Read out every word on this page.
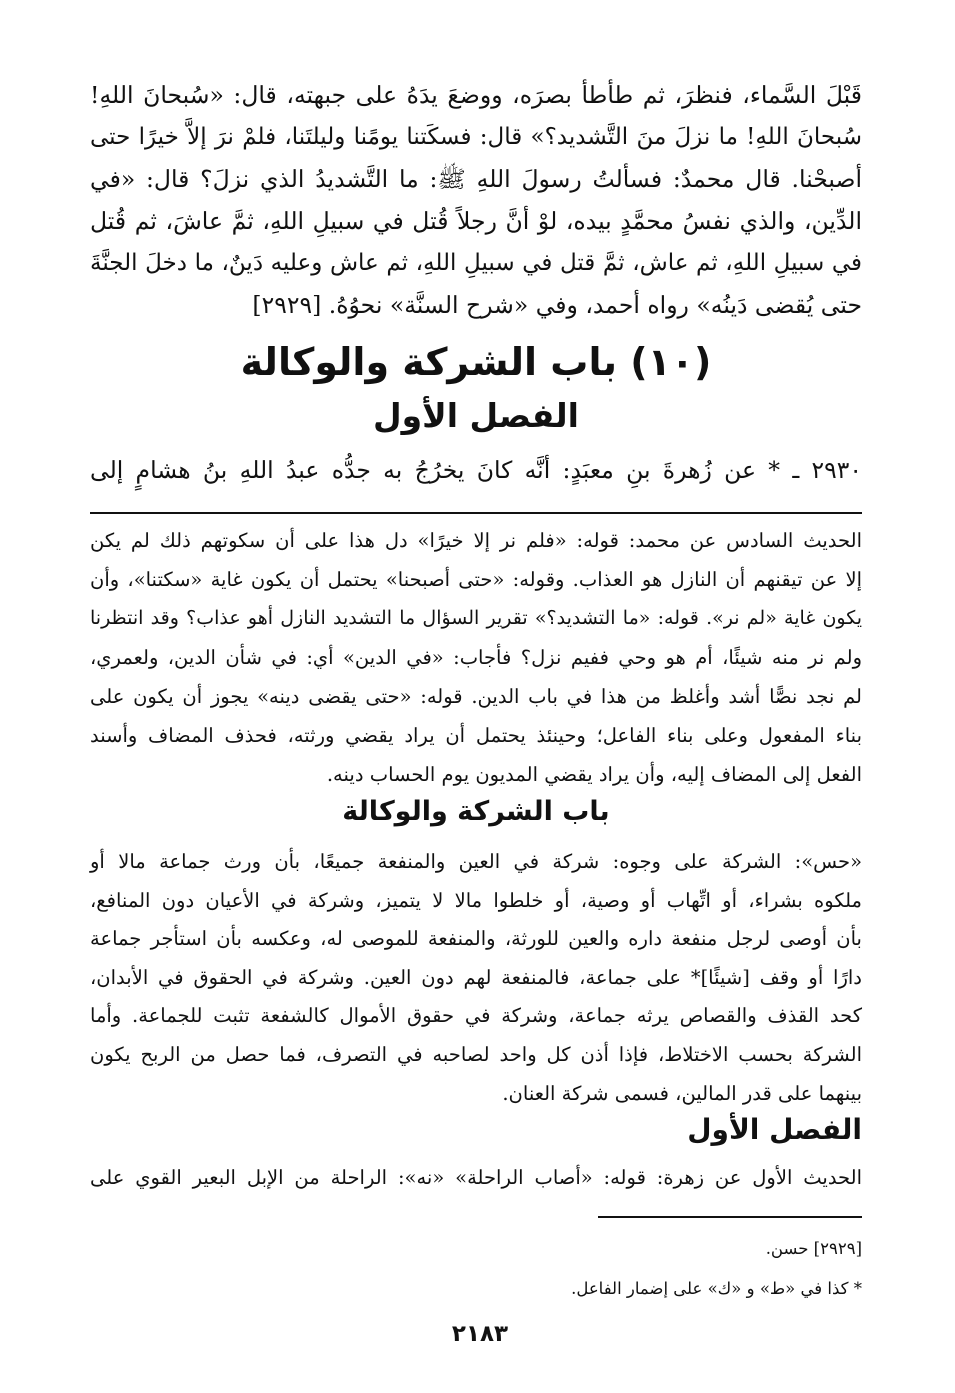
قَبْلَ السَّماء، فنظرَ، ثم طأطأ بصرَه، ووضعَ يدَهُ على جبهته، قال: «سُبحانَ اللهِ!
سُبحانَ اللهِ! ما نزلَ منَ التَّشديد؟» قال: فسكَتنا يومًنا وليلتَنا، فلمْ نرَ إلاَّ خيرًا حتى
أصبحْنا. قال محمدٌ: فسألتُ رسولَ اللهِ ﷺ: ما التَّشديدُ الذي نزلَ؟ قال: «في
الدِّين، والذي نفسُ محمَّدٍ بيده، لوْ أنَّ رجلاً قُتل في سبيلِ اللهِ، ثمَّ عاشَ، ثم قُتل
في سبيلِ اللهِ، ثم عاش، ثمَّ قتل في سبيلِ اللهِ، ثم عاش وعليه دَينٌ، ما دخلَ الجنَّةَ
حتى يُقضى دَينُه» رواه أحمد، وفي «شرح السنَّة» نحوُهُ. [٢٩٢٩]
(١٠) باب الشركة والوكالة
الفصل الأول
٢٩٣٠ ـ * عن زُهرةَ بنِ معبَدٍ: أنَّه كانَ يخرُجُ به جدُّه عبدُ اللهِ بنُ هشامٍ إلى
الحديث السادس عن محمد: قوله: «فلم نر إلا خيرًا» دل هذا على أن سكوتهم ذلك لم يكن
إلا عن تيقنهم أن النازل هو العذاب. وقوله: «حتى أصبحنا» يحتمل أن يكون غاية «سكتنا»، وأن
يكون غاية «لم نر». قوله: «ما التشديد؟» تقرير السؤال ما التشديد النازل أهو عذاب؟ وقد انتظرنا
ولم نر منه شيئًا، أم هو وحي ففيم نزل؟ فأجاب: «في الدين» أي: في شأن الدين، ولعمري،
لم نجد نصًّا أشد وأغلظ من هذا في باب الدين. قوله: «حتى يقضى دينه» يجوز أن يكون على
بناء المفعول وعلى بناء الفاعل؛ وحينئذ يحتمل أن يراد يقضي ورثته، فحذف المضاف وأسند
الفعل إلى المضاف إليه، وأن يراد يقضي المديون يوم الحساب دينه.
باب الشركة والوكالة
«حس»: الشركة على وجوه: شركة في العين والمنفعة جميعًا، بأن ورث جماعة مالا أو
ملكوه بشراء، أو اتِّهاب أو وصية، أو خلطوا مالا لا يتميز، وشركة في الأعيان دون المنافع،
بأن أوصى لرجل منفعة داره والعين للورثة، والمنفعة للموصى له، وعكسه بأن استأجر جماعة
دارًا أو وقف [شيئًا]* على جماعة، فالمنفعة لهم دون العين. وشركة في الحقوق في الأبدان،
كحد القذف والقصاص يرثه جماعة، وشركة في حقوق الأموال كالشفعة تثبت للجماعة. وأما
الشركة بحسب الاختلاط، فإذا أذن كل واحد لصاحبه في التصرف، فما حصل من الربح يكون
بينهما على قدر المالين، فسمى شركة العنان.
الفصل الأول
الحديث الأول عن زهرة: قوله: «أصاب الراحلة» «نه»: الراحلة من الإبل البعير القوي على
[٢٩٢٩] حسن.
* كذا في «ط» و «ك» على إضمار الفاعل.
٢١٨٣
